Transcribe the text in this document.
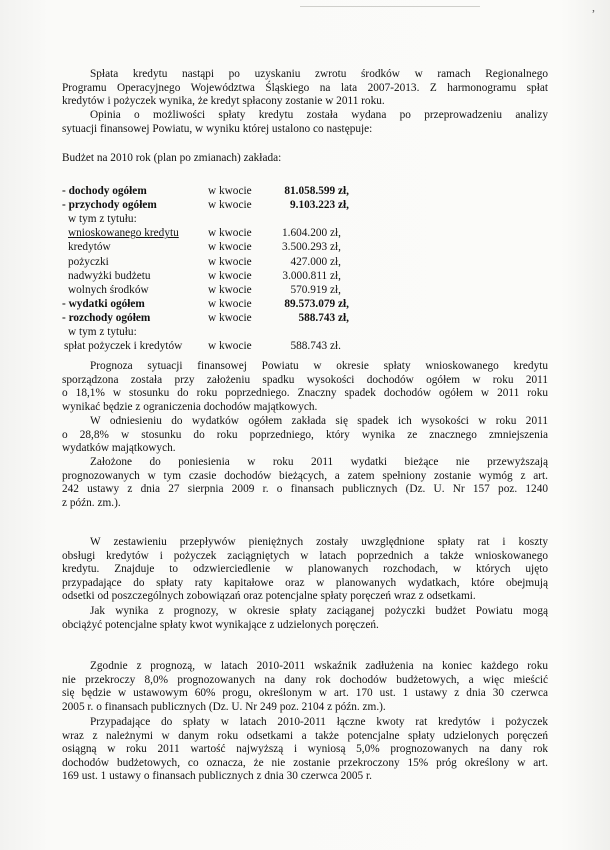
,
Spłata kredytu nastąpi po uzyskaniu zwrotu środków w ramach Regionalnego
Programu Operacyjnego Województwa Śląskiego na lata 2007-2013. Z harmonogramu spłat
kredytów i pożyczek wynika, że kredyt spłacony zostanie w 2011 roku.
Opinia o możliwości spłaty kredytu została wydana po przeprowadzeniu analizy
sytuacji finansowej Powiatu, w wyniku której ustalono co następuje:
Budżet na 2010 rok (plan po zmianach) zakłada:
- dochody ogółem	w kwocie	81.058.599 zł,
- przychody ogółem	w kwocie	9.103.223 zł,
w tym z tytułu:
wnioskowanego kredytu	w kwocie	1.604.200 zł,
kredytów	w kwocie	3.500.293 zł,
pożyczki	w kwocie	427.000 zł,
nadwyżki budżetu	w kwocie	3.000.811 zł,
wolnych środków	w kwocie	570.919 zł,
- wydatki ogółem	w kwocie	89.573.079 zł,
- rozchody ogółem	w kwocie	588.743 zł,
w tym z tytułu:
spłat pożyczek i kredytów w kwocie	588.743 zł.
Prognoza sytuacji finansowej Powiatu w okresie spłaty wnioskowanego kredytu
sporządzona została przy założeniu spadku wysokości dochodów ogółem w roku 2011
o 18,1% w stosunku do roku poprzedniego. Znaczny spadek dochodów ogółem w 2011 roku
wynikać będzie z ograniczenia dochodów majątkowych.
W odniesieniu do wydatków ogółem zakłada się spadek ich wysokości w roku 2011
o 28,8% w stosunku do roku poprzedniego, który wynika ze znacznego zmniejszenia
wydatków majątkowych.
Założone do poniesienia w roku 2011 wydatki bieżące nie przewyższają
prognozowanych w tym czasie dochodów bieżących, a zatem spełniony zostanie wymóg z art.
242 ustawy z dnia 27 sierpnia 2009 r. o finansach publicznych (Dz. U. Nr 157 poz. 1240
z późn. zm.).
W zestawieniu przepływów pieniężnych zostały uwzględnione spłaty rat i koszty
obsługi kredytów i pożyczek zaciągniętych w latach poprzednich a także wnioskowanego
kredytu. Znajduje to odzwierciedlenie w planowanych rozchodach, w których ujęto
przypadające do spłaty raty kapitałowe oraz w planowanych wydatkach, które obejmują
odsetki od poszczególnych zobowiązań oraz potencjalne spłaty poręczeń wraz z odsetkami.
Jak wynika z prognozy, w okresie spłaty zaciąganej pożyczki budżet Powiatu mogą
obciążyć potencjalne spłaty kwot wynikające z udzielonych poręczeń.
Zgodnie z prognozą, w latach 2010-2011 wskaźnik zadłużenia na koniec każdego roku
nie przekroczy 8,0% prognozowanych na dany rok dochodów budżetowych, a więc mieścić
się będzie w ustawowym 60% progu, określonym w art. 170 ust. 1 ustawy z dnia 30 czerwca
2005 r. o finansach publicznych (Dz. U. Nr 249 poz. 2104 z późn. zm.).
Przypadające do spłaty w latach 2010-2011 łączne kwoty rat kredytów i pożyczek
wraz z należnymi w danym roku odsetkami a także potencjalne spłaty udzielonych poręczeń
osiągną w roku 2011 wartość najwyższą i wyniosą 5,0% prognozowanych na dany rok
dochodów budżetowych, co oznacza, że nie zostanie przekroczony 15% próg określony w art.
169 ust. 1 ustawy o finansach publicznych z dnia 30 czerwca 2005 r.
